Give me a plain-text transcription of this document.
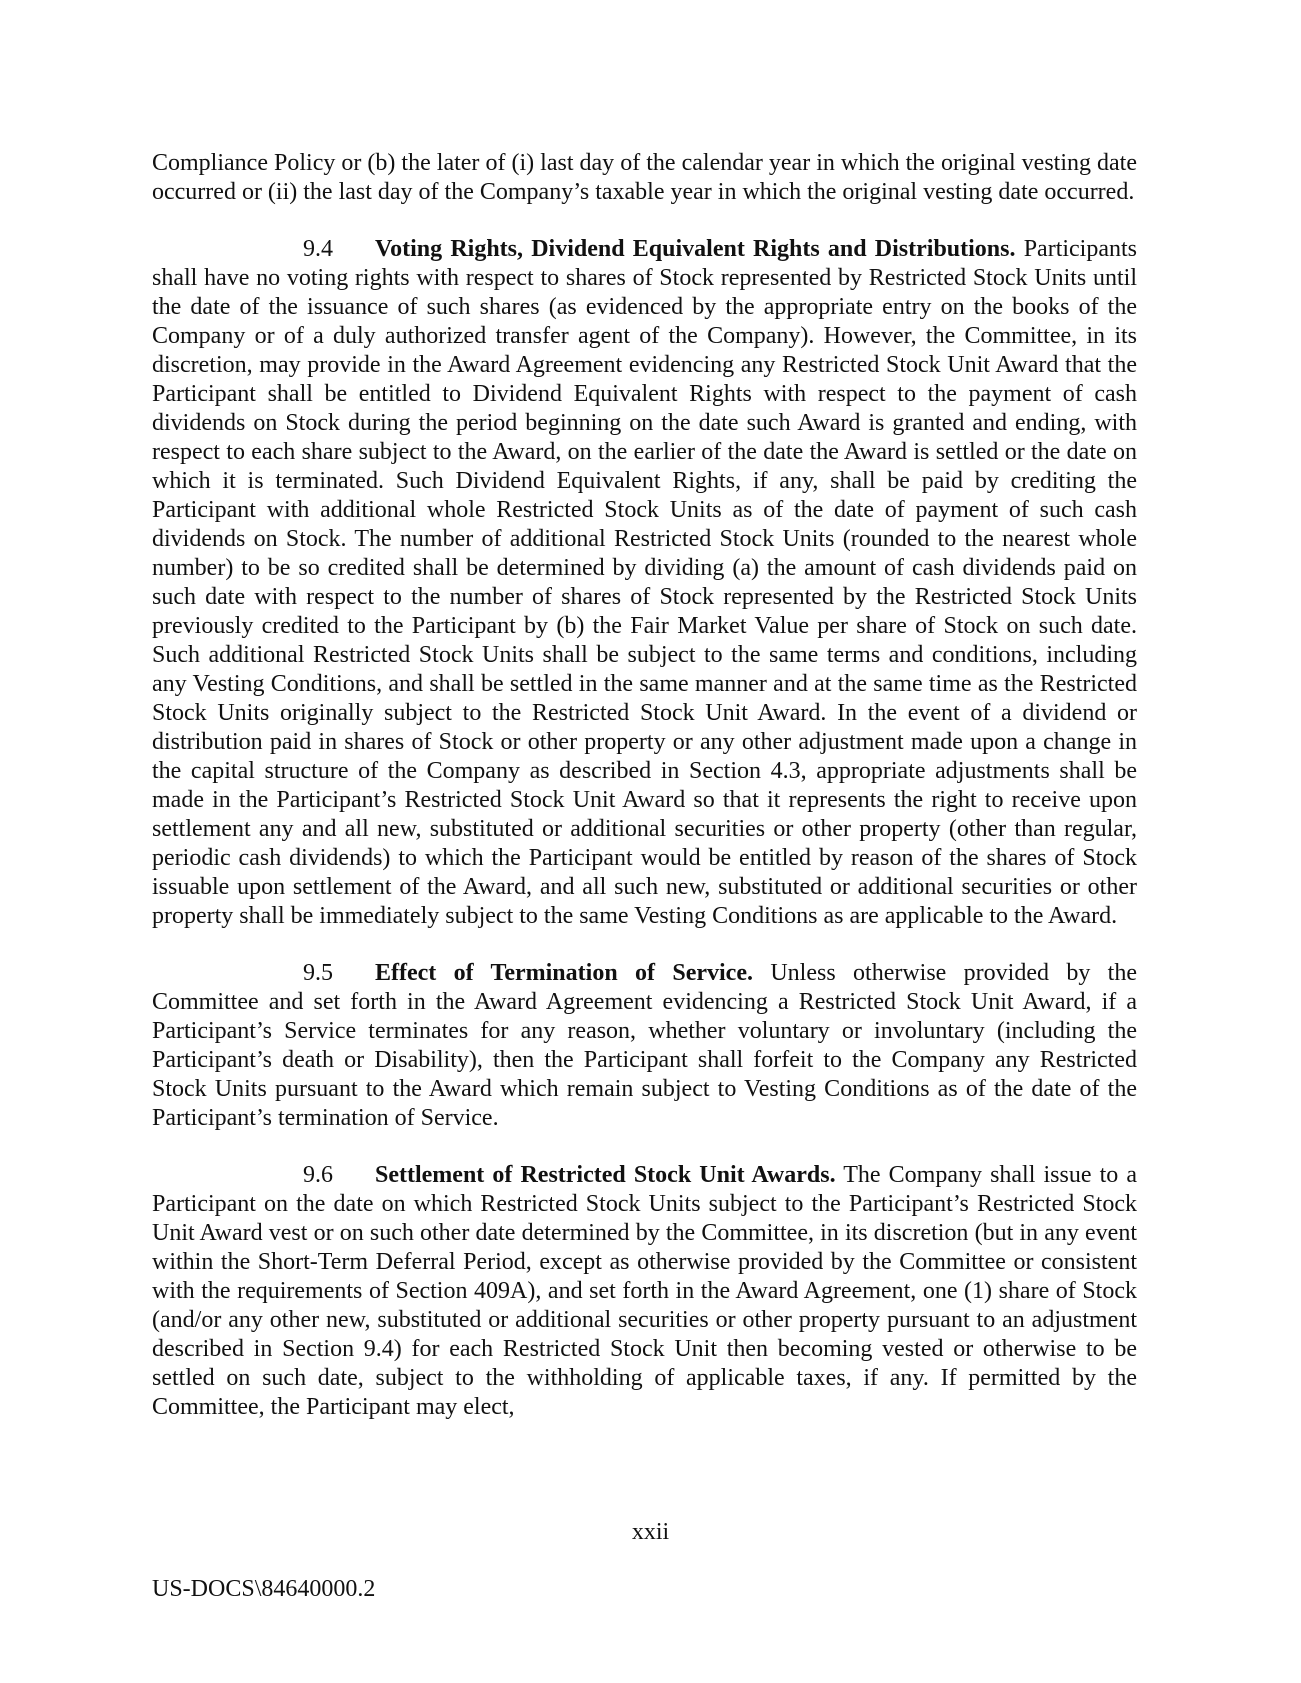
Compliance Policy or (b) the later of (i) last day of the calendar year in which the original vesting date occurred or (ii) the last day of the Company’s taxable year in which the original vesting date occurred.

9.4 Voting Rights, Dividend Equivalent Rights and Distributions. Participants shall have no voting rights with respect to shares of Stock represented by Restricted Stock Units until the date of the issuance of such shares (as evidenced by the appropriate entry on the books of the Company or of a duly authorized transfer agent of the Company). However, the Committee, in its discretion, may provide in the Award Agreement evidencing any Restricted Stock Unit Award that the Participant shall be entitled to Dividend Equivalent Rights with respect to the payment of cash dividends on Stock during the period beginning on the date such Award is granted and ending, with respect to each share subject to the Award, on the earlier of the date the Award is settled or the date on which it is terminated. Such Dividend Equivalent Rights, if any, shall be paid by crediting the Participant with additional whole Restricted Stock Units as of the date of payment of such cash dividends on Stock. The number of additional Restricted Stock Units (rounded to the nearest whole number) to be so credited shall be determined by dividing (a) the amount of cash dividends paid on such date with respect to the number of shares of Stock represented by the Restricted Stock Units previously credited to the Participant by (b) the Fair Market Value per share of Stock on such date. Such additional Restricted Stock Units shall be subject to the same terms and conditions, including any Vesting Conditions, and shall be settled in the same manner and at the same time as the Restricted Stock Units originally subject to the Restricted Stock Unit Award. In the event of a dividend or distribution paid in shares of Stock or other property or any other adjustment made upon a change in the capital structure of the Company as described in Section 4.3, appropriate adjustments shall be made in the Participant’s Restricted Stock Unit Award so that it represents the right to receive upon settlement any and all new, substituted or additional securities or other property (other than regular, periodic cash dividends) to which the Participant would be entitled by reason of the shares of Stock issuable upon settlement of the Award, and all such new, substituted or additional securities or other property shall be immediately subject to the same Vesting Conditions as are applicable to the Award.

9.5 Effect of Termination of Service. Unless otherwise provided by the Committee and set forth in the Award Agreement evidencing a Restricted Stock Unit Award, if a Participant’s Service terminates for any reason, whether voluntary or involuntary (including the Participant’s death or Disability), then the Participant shall forfeit to the Company any Restricted Stock Units pursuant to the Award which remain subject to Vesting Conditions as of the date of the Participant’s termination of Service.

9.6 Settlement of Restricted Stock Unit Awards. The Company shall issue to a Participant on the date on which Restricted Stock Units subject to the Participant’s Restricted Stock Unit Award vest or on such other date determined by the Committee, in its discretion (but in any event within the Short-Term Deferral Period, except as otherwise provided by the Committee or consistent with the requirements of Section 409A), and set forth in the Award Agreement, one (1) share of Stock (and/or any other new, substituted or additional securities or other property pursuant to an adjustment described in Section 9.4) for each Restricted Stock Unit then becoming vested or otherwise to be settled on such date, subject to the withholding of applicable taxes, if any. If permitted by the Committee, the Participant may elect,

xxii
US-DOCS\84640000.2
